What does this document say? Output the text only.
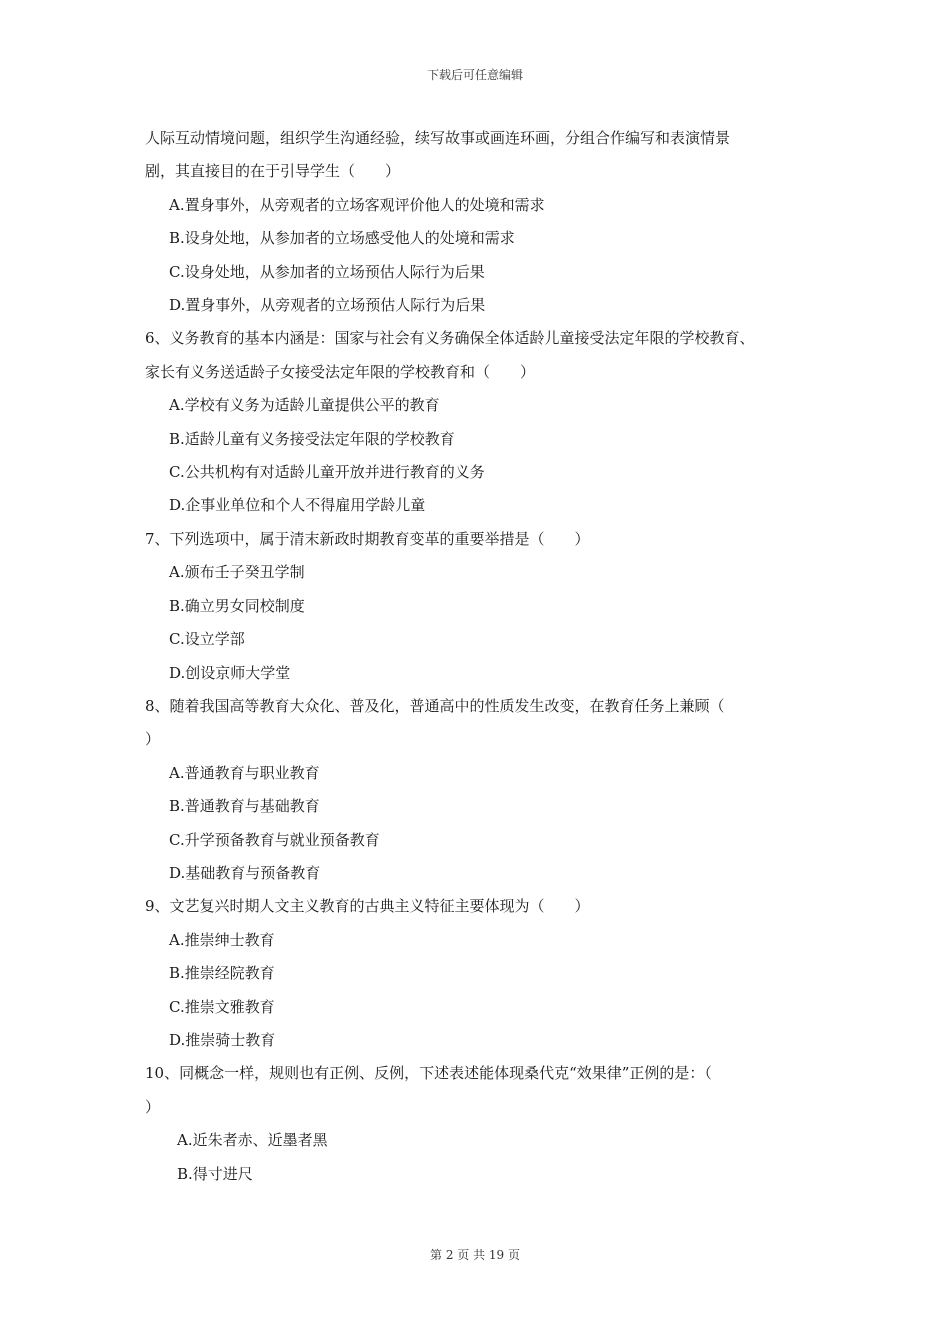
下载后可任意编辑
人际互动情境问题，组织学生沟通经验，续写故事或画连环画，分组合作编写和表演情景
剧，其直接目的在于引导学生（　　）
A.置身事外，从旁观者的立场客观评价他人的处境和需求
B.设身处地，从参加者的立场感受他人的处境和需求
C.设身处地，从参加者的立场预估人际行为后果
D.置身事外，从旁观者的立场预估人际行为后果
6、义务教育的基本内涵是：国家与社会有义务确保全体适龄儿童接受法定年限的学校教育、
家长有义务送适龄子女接受法定年限的学校教育和（　　）
A.学校有义务为适龄儿童提供公平的教育
B.适龄儿童有义务接受法定年限的学校教育
C.公共机构有对适龄儿童开放并进行教育的义务
D.企事业单位和个人不得雇用学龄儿童
7、下列选项中，属于清末新政时期教育变革的重要举措是（　　）
A.颁布壬子癸丑学制
B.确立男女同校制度
C.设立学部
D.创设京师大学堂
8、随着我国高等教育大众化、普及化，普通高中的性质发生改变，在教育任务上兼顾（
）
A.普通教育与职业教育
B.普通教育与基础教育
C.升学预备教育与就业预备教育
D.基础教育与预备教育
9、文艺复兴时期人文主义教育的古典主义特征主要体现为（　　）
A.推崇绅士教育
B.推崇经院教育
C.推崇文雅教育
D.推崇骑士教育
10、同概念一样，规则也有正例、反例，下述表述能体现桑代克“效果律”正例的是：（
）
A.近朱者赤、近墨者黑
B.得寸进尺
第 2 页 共 19 页
